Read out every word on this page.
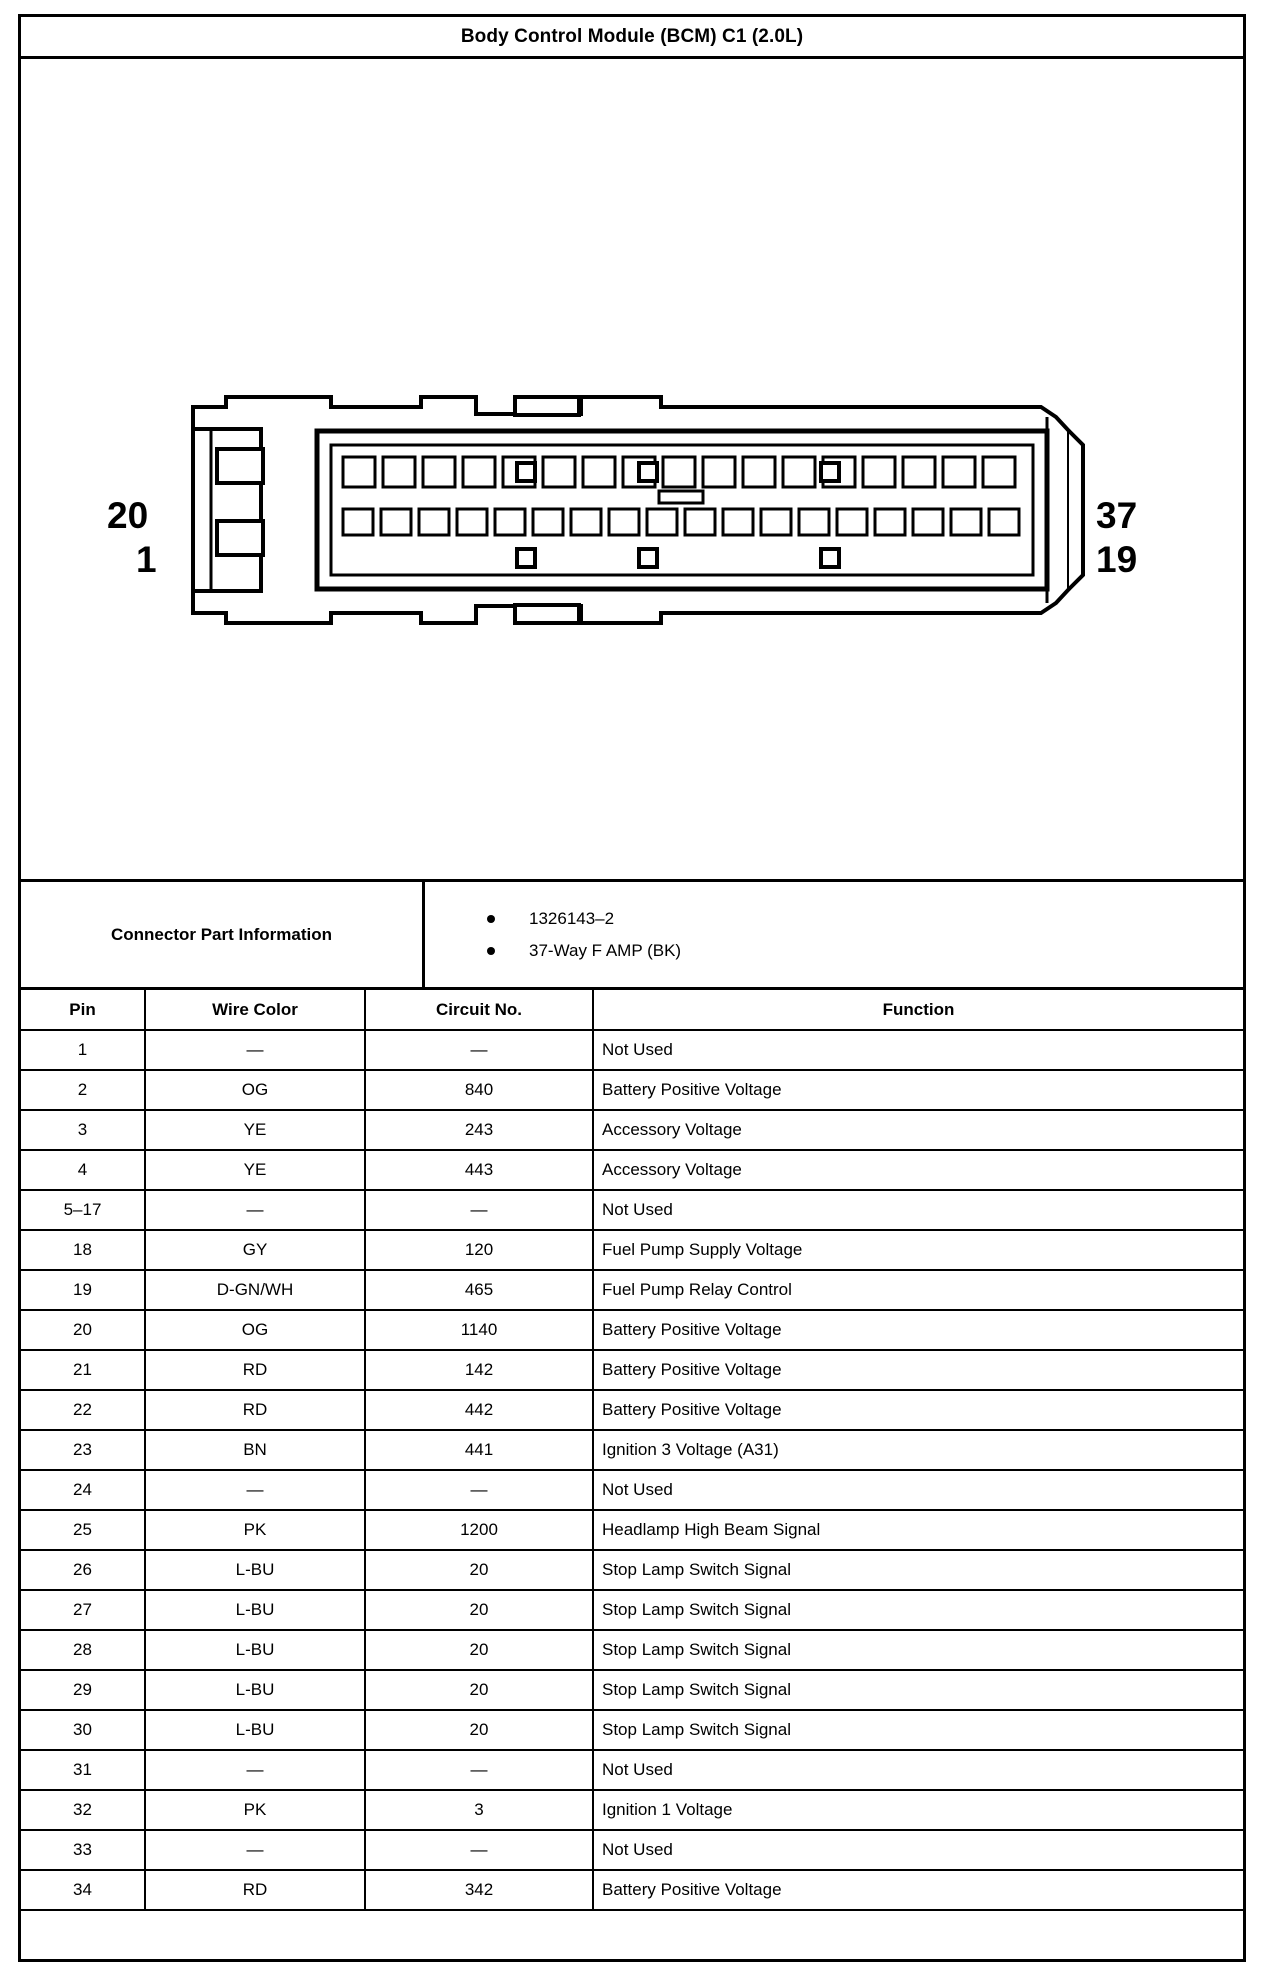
Body Control Module (BCM) C1 (2.0L)
20
1
37
19
Connector Part Information
1326143–2
37-Way F AMP (BK)
Pin	Wire Color	Circuit No.	Function
1	—	—	Not Used
2	OG	840	Battery Positive Voltage
3	YE	243	Accessory Voltage
4	YE	443	Accessory Voltage
5–17	—	—	Not Used
18	GY	120	Fuel Pump Supply Voltage
19	D-GN/WH	465	Fuel Pump Relay Control
20	OG	1140	Battery Positive Voltage
21	RD	142	Battery Positive Voltage
22	RD	442	Battery Positive Voltage
23	BN	441	Ignition 3 Voltage (A31)
24	—	—	Not Used
25	PK	1200	Headlamp High Beam Signal
26	L-BU	20	Stop Lamp Switch Signal
27	L-BU	20	Stop Lamp Switch Signal
28	L-BU	20	Stop Lamp Switch Signal
29	L-BU	20	Stop Lamp Switch Signal
30	L-BU	20	Stop Lamp Switch Signal
31	—	—	Not Used
32	PK	3	Ignition 1 Voltage
33	—	—	Not Used
34	RD	342	Battery Positive Voltage
